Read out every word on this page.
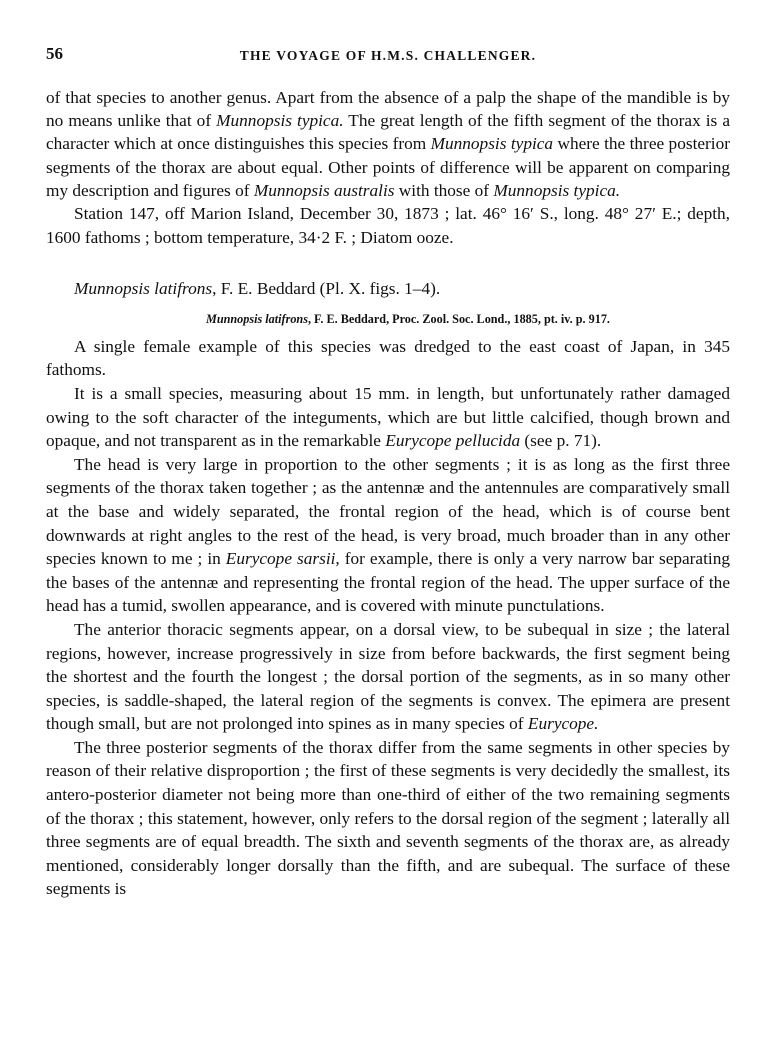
56	THE VOYAGE OF H.M.S. CHALLENGER.

of that species to another genus. Apart from the absence of a palp the shape of the mandible is by no means unlike that of Munnopsis typica. The great length of the fifth segment of the thorax is a character which at once distinguishes this species from Munnopsis typica where the three posterior segments of the thorax are about equal. Other points of difference will be apparent on comparing my description and figures of Munnopsis australis with those of Munnopsis typica.

Station 147, off Marion Island, December 30, 1873 ; lat. 46° 16′ S., long. 48° 27′ E.; depth, 1600 fathoms ; bottom temperature, 34·2 F. ; Diatom ooze.

Munnopsis latifrons, F. E. Beddard (Pl. X. figs. 1–4).

Munnopsis latifrons, F. E. Beddard, Proc. Zool. Soc. Lond., 1885, pt. iv. p. 917.

A single female example of this species was dredged to the east coast of Japan, in 345 fathoms.

It is a small species, measuring about 15 mm. in length, but unfortunately rather damaged owing to the soft character of the integuments, which are but little calcified, though brown and opaque, and not transparent as in the remarkable Eurycope pellucida (see p. 71).

The head is very large in proportion to the other segments ; it is as long as the first three segments of the thorax taken together ; as the antennæ and the antennules are comparatively small at the base and widely separated, the frontal region of the head, which is of course bent downwards at right angles to the rest of the head, is very broad, much broader than in any other species known to me ; in Eurycope sarsii, for example, there is only a very narrow bar separating the bases of the antennæ and representing the frontal region of the head. The upper surface of the head has a tumid, swollen appearance, and is covered with minute punctulations.

The anterior thoracic segments appear, on a dorsal view, to be subequal in size ; the lateral regions, however, increase progressively in size from before backwards, the first segment being the shortest and the fourth the longest ; the dorsal portion of the segments, as in so many other species, is saddle-shaped, the lateral region of the segments is convex. The epimera are present though small, but are not prolonged into spines as in many species of Eurycope.

The three posterior segments of the thorax differ from the same segments in other species by reason of their relative disproportion ; the first of these segments is very decidedly the smallest, its antero-posterior diameter not being more than one-third of either of the two remaining segments of the thorax ; this statement, however, only refers to the dorsal region of the segment ; laterally all three segments are of equal breadth. The sixth and seventh segments of the thorax are, as already mentioned, considerably longer dorsally than the fifth, and are subequal. The surface of these segments is
